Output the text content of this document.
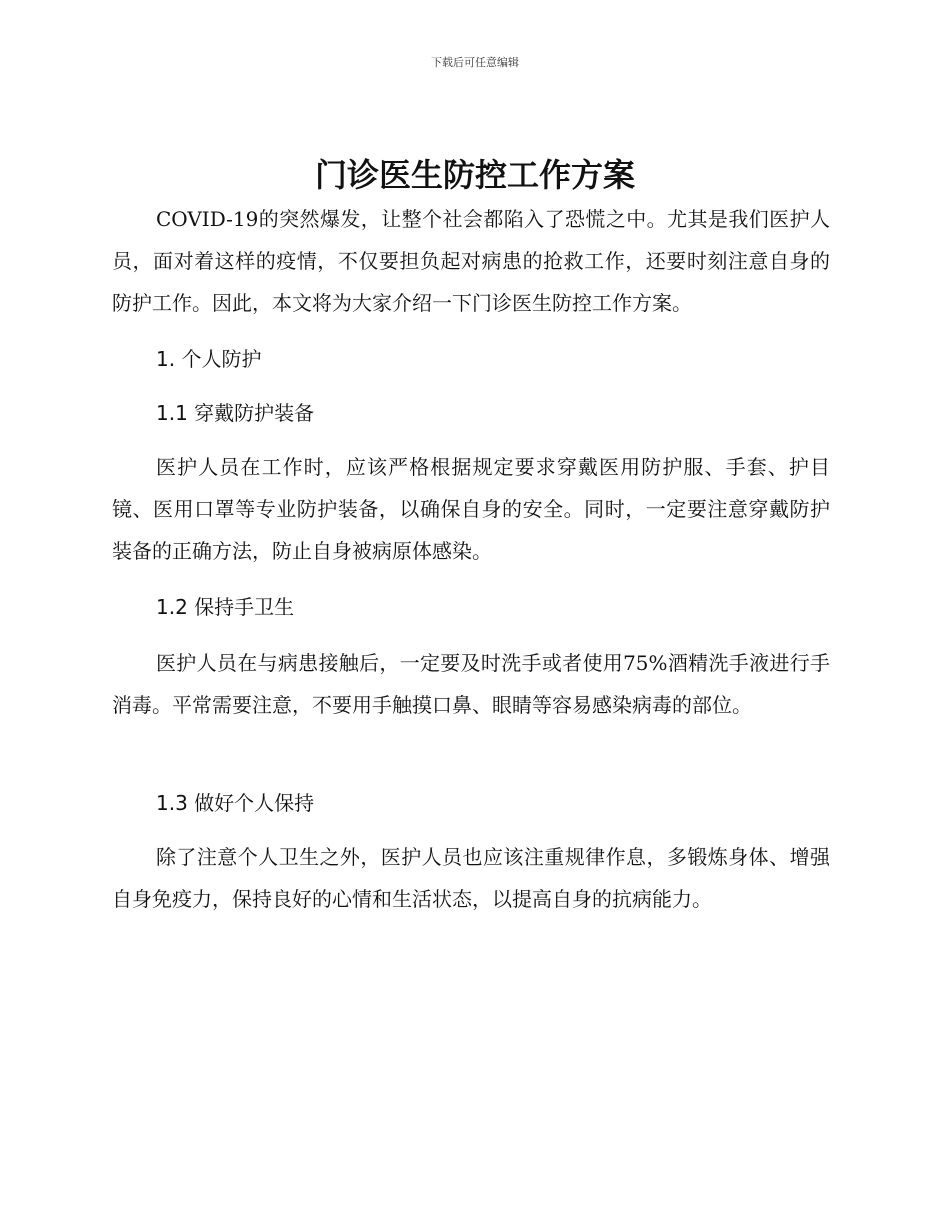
下载后可任意编辑
门诊医生防控工作方案

COVID-19的突然爆发，让整个社会都陷入了恐慌之中。尤其是我们医护人员，面对着这样的疫情，不仅要担负起对病患的抢救工作，还要时刻注意自身的防护工作。因此，本文将为大家介绍一下门诊医生防控工作方案。

1. 个人防护
1.1 穿戴防护装备

医护人员在工作时，应该严格根据规定要求穿戴医用防护服、手套、护目镜、医用口罩等专业防护装备，以确保自身的安全。同时，一定要注意穿戴防护装备的正确方法，防止自身被病原体感染。

1.2 保持手卫生

医护人员在与病患接触后，一定要及时洗手或者使用75%酒精洗手液进行手消毒。平常需要注意，不要用手触摸口鼻、眼睛等容易感染病毒的部位。

1.3 做好个人保持

除了注意个人卫生之外，医护人员也应该注重规律作息，多锻炼身体、增强自身免疫力，保持良好的心情和生活状态，以提高自身的抗病能力。
